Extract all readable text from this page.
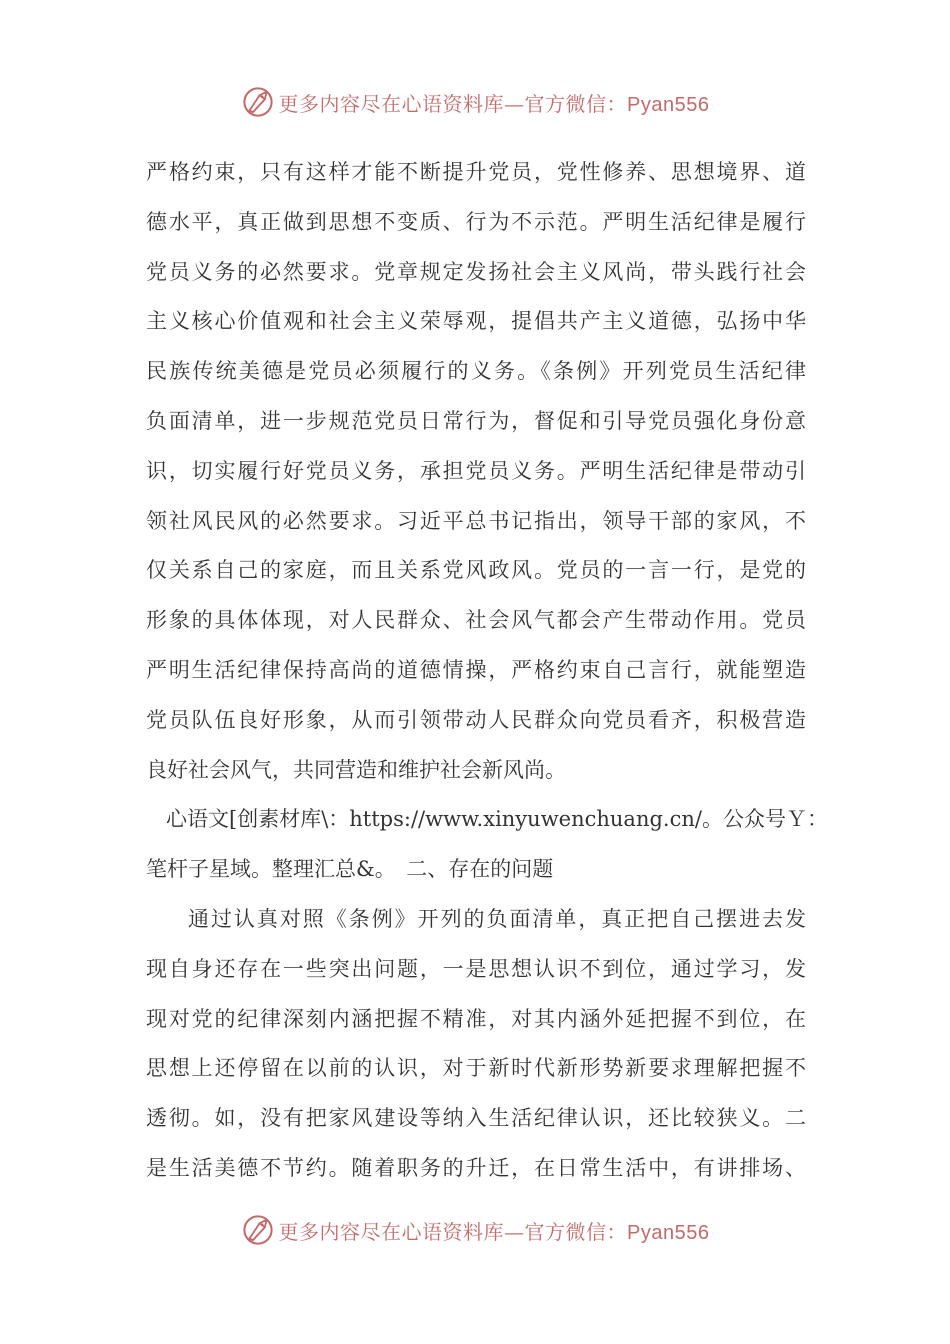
更多内容尽在心语资料库—官方微信：Pyan556
严格约束，只有这样才能不断提升党员，党性修养、思想境界、道
德水平，真正做到思想不变质、行为不示范。严明生活纪律是履行
党员义务的必然要求。党章规定发扬社会主义风尚，带头践行社会
主义核心价值观和社会主义荣辱观，提倡共产主义道德，弘扬中华
民族传统美德是党员必须履行的义务。《条例》开列党员生活纪律
负面清单，进一步规范党员日常行为，督促和引导党员强化身份意
识，切实履行好党员义务，承担党员义务。严明生活纪律是带动引
领社风民风的必然要求。习近平总书记指出，领导干部的家风，不
仅关系自己的家庭，而且关系党风政风。党员的一言一行，是党的
形象的具体体现，对人民群众、社会风气都会产生带动作用。党员
严明生活纪律保持高尚的道德情操，严格约束自己言行，就能塑造
党员队伍良好形象，从而引领带动人民群众向党员看齐，积极营造
良好社会风气，共同营造和维护社会新风尚。
心语文[创素材库\：https://www.xinyuwenchuang.cn/。公众号Ｙ：
笔杆子星域。整理汇总&。　二、存在的问题
通过认真对照《条例》开列的负面清单，真正把自己摆进去发
现自身还存在一些突出问题，一是思想认识不到位，通过学习，发
现对党的纪律深刻内涵把握不精准，对其内涵外延把握不到位，在
思想上还停留在以前的认识，对于新时代新形势新要求理解把握不
透彻。如，没有把家风建设等纳入生活纪律认识，还比较狭义。二
是生活美德不节约。随着职务的升迁，在日常生活中，有讲排场、
更多内容尽在心语资料库—官方微信：Pyan556
